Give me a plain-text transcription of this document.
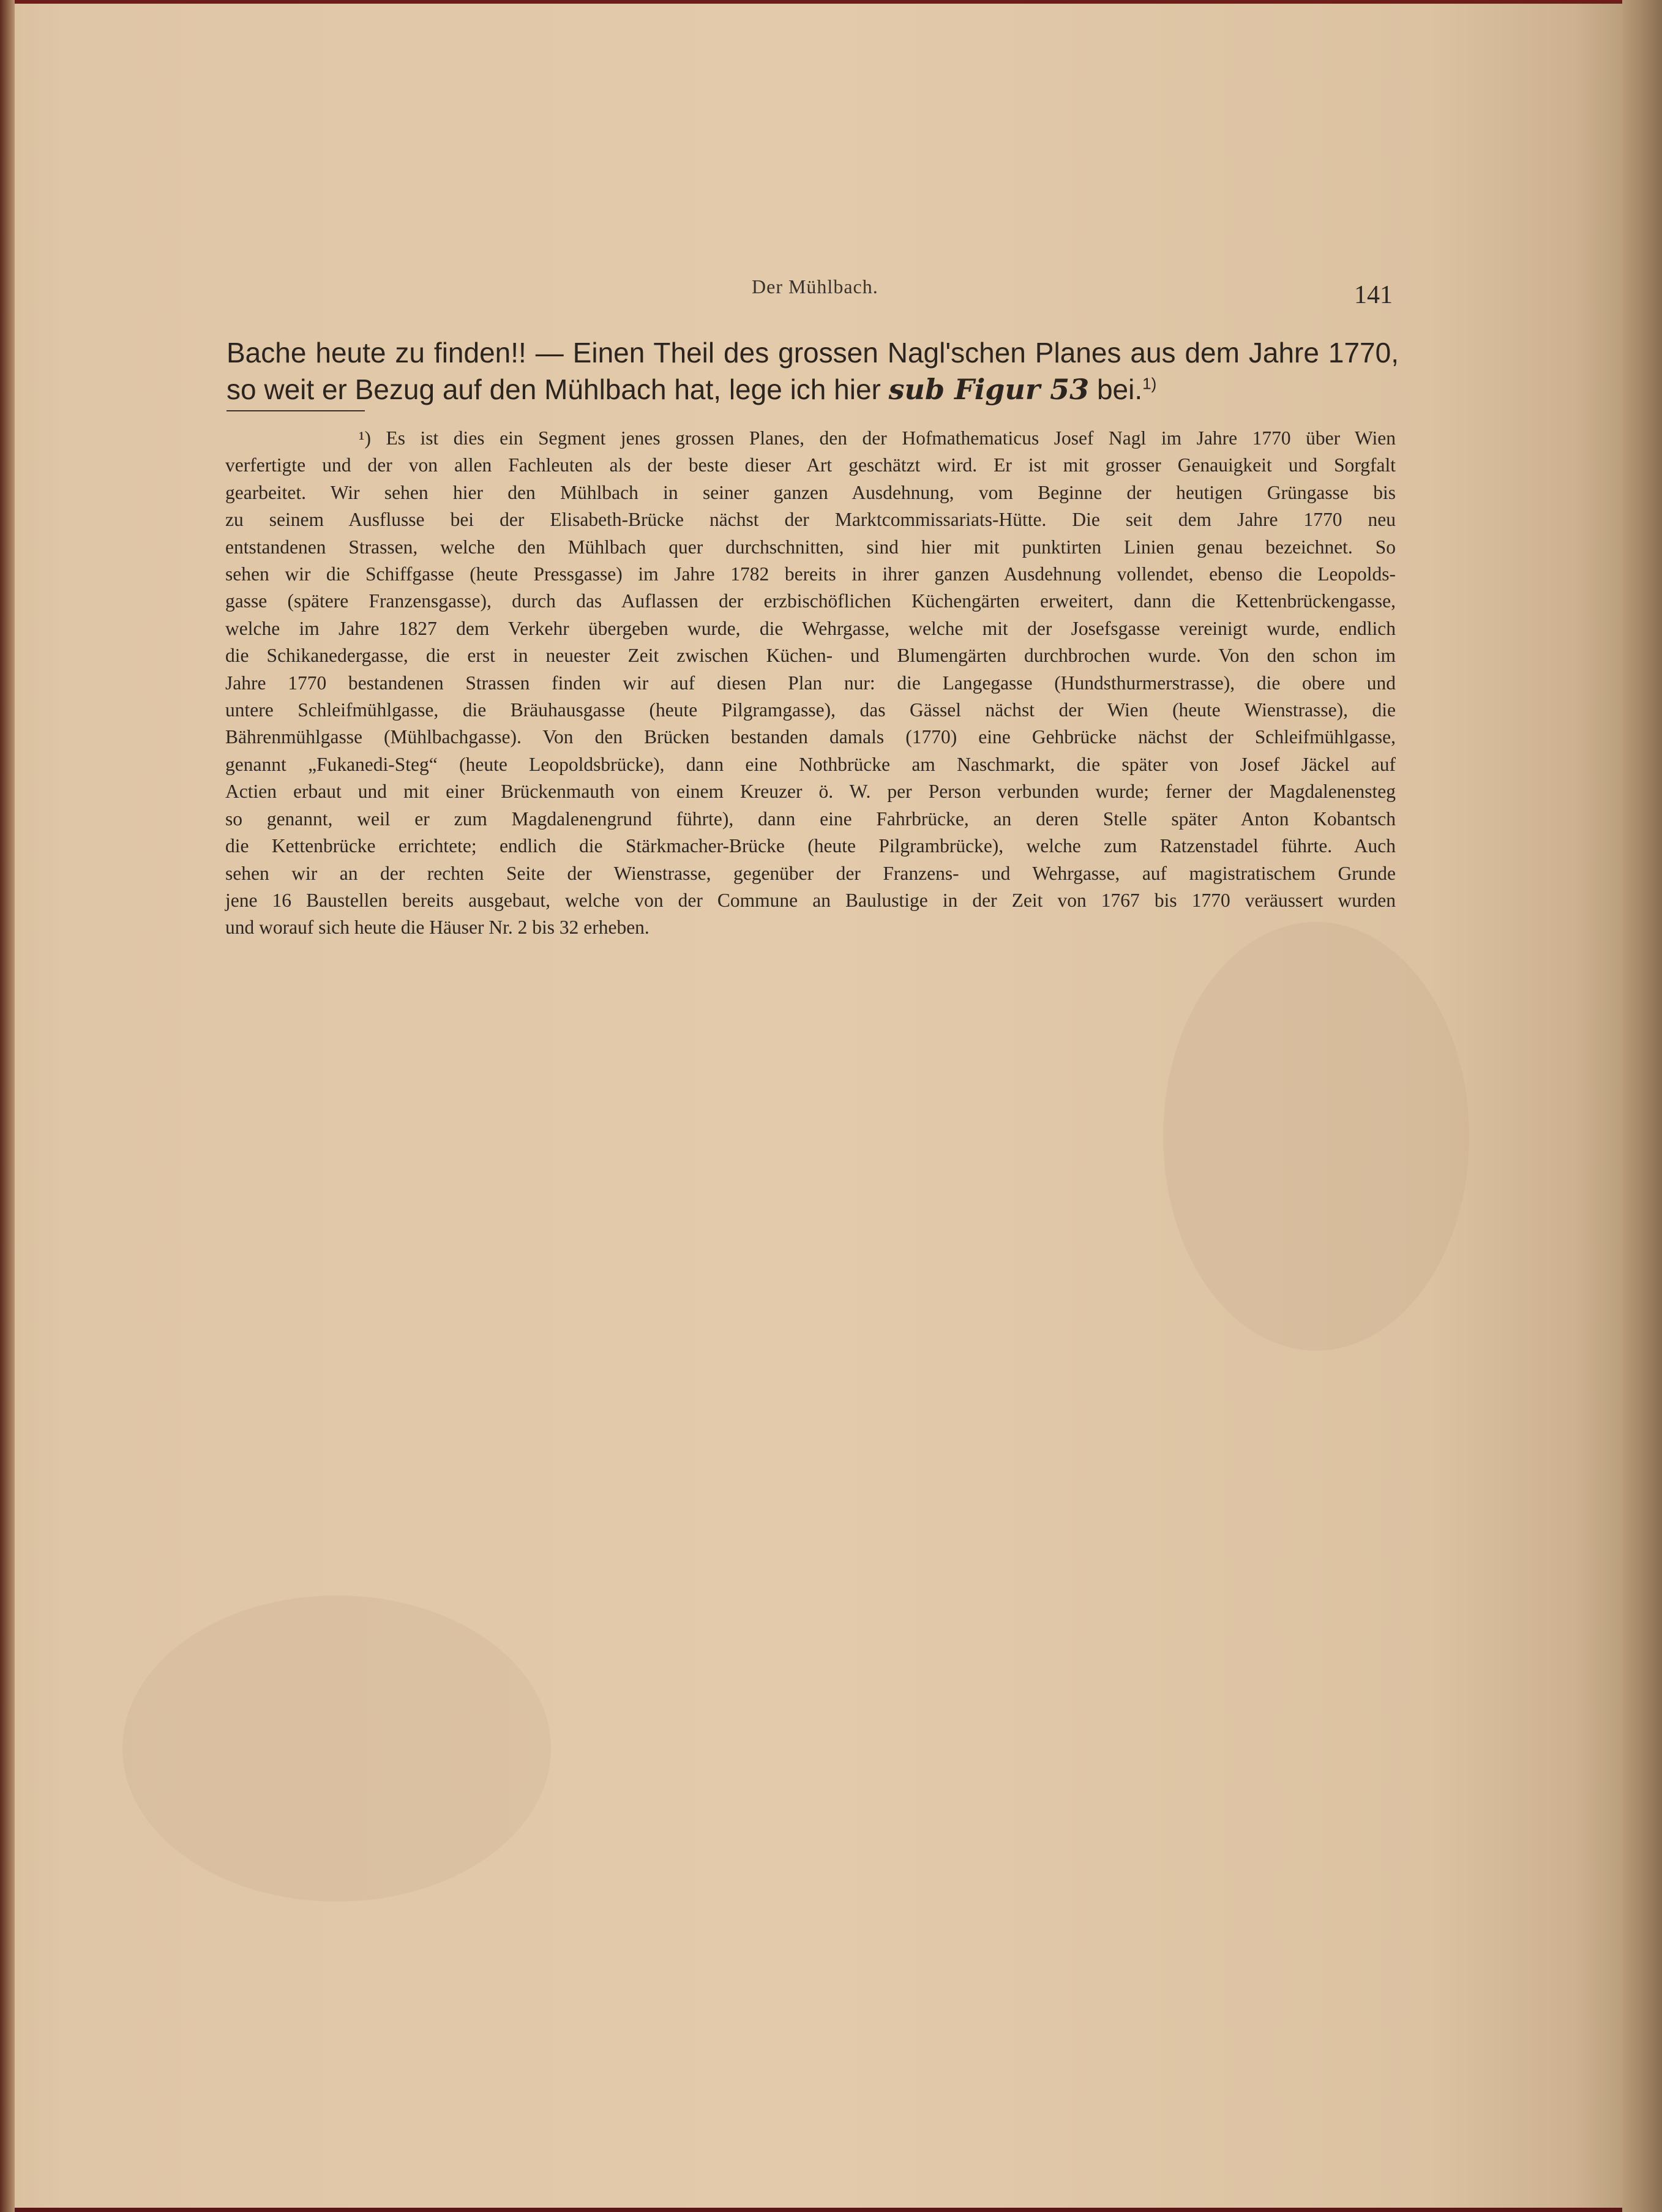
Der Mühlbach.	141
Bache heute zu finden!! — Einen Theil des grossen Nagl'schen Planes aus dem Jahre 1770,
so weit er Bezug auf den Mühlbach hat, lege ich hier sub Figur 53 bei.$^{1)}$
¹) Es ist dies ein Segment jenes grossen Planes, den der Hofmathematicus Josef Nagl im Jahre 1770 über Wien
verfertigte und der von allen Fachleuten als der beste dieser Art geschätzt wird. Er ist mit grosser Genauigkeit und Sorgfalt
gearbeitet. Wir sehen hier den Mühlbach in seiner ganzen Ausdehnung, vom Beginne der heutigen Grüngasse bis
zu seinem Ausflusse bei der Elisabeth-Brücke nächst der Marktcommissariats-Hütte. Die seit dem Jahre 1770 neu
entstandenen Strassen, welche den Mühlbach quer durchschnitten, sind hier mit punktirten Linien genau bezeichnet. So
sehen wir die Schiffgasse (heute Pressgasse) im Jahre 1782 bereits in ihrer ganzen Ausdehnung vollendet, ebenso die Leopolds-
gasse (spätere Franzensgasse), durch das Auflassen der erzbischöflichen Küchengärten erweitert, dann die Kettenbrückengasse,
welche im Jahre 1827 dem Verkehr übergeben wurde, die Wehrgasse, welche mit der Josefsgasse vereinigt wurde, endlich
die Schikanedergasse, die erst in neuester Zeit zwischen Küchen- und Blumengärten durchbrochen wurde. Von den schon im
Jahre 1770 bestandenen Strassen finden wir auf diesen Plan nur: die Langegasse (Hundsthurmerstrasse), die obere und
untere Schleifmühlgasse, die Bräuhausgasse (heute Pilgramgasse), das Gässel nächst der Wien (heute Wienstrasse), die
Bährenmühlgasse (Mühlbachgasse). Von den Brücken bestanden damals (1770) eine Gehbrücke nächst der Schleifmühlgasse,
genannt „Fukanedi-Steg“ (heute Leopoldsbrücke), dann eine Nothbrücke am Naschmarkt, die später von Josef Jäckel auf
Actien erbaut und mit einer Brückenmauth von einem Kreuzer ö. W. per Person verbunden wurde; ferner der Magdalenensteg
so genannt, weil er zum Magdalenengrund führte), dann eine Fahrbrücke, an deren Stelle später Anton Kobantsch
die Kettenbrücke errichtete; endlich die Stärkmacher-Brücke (heute Pilgrambrücke), welche zum Ratzenstadel führte. Auch
sehen wir an der rechten Seite der Wienstrasse, gegenüber der Franzens- und Wehrgasse, auf magistratischem Grunde
jene 16 Baustellen bereits ausgebaut, welche von der Commune an Baulustige in der Zeit von 1767 bis 1770 veräussert wurden
und worauf sich heute die Häuser Nr. 2 bis 32 erheben.
